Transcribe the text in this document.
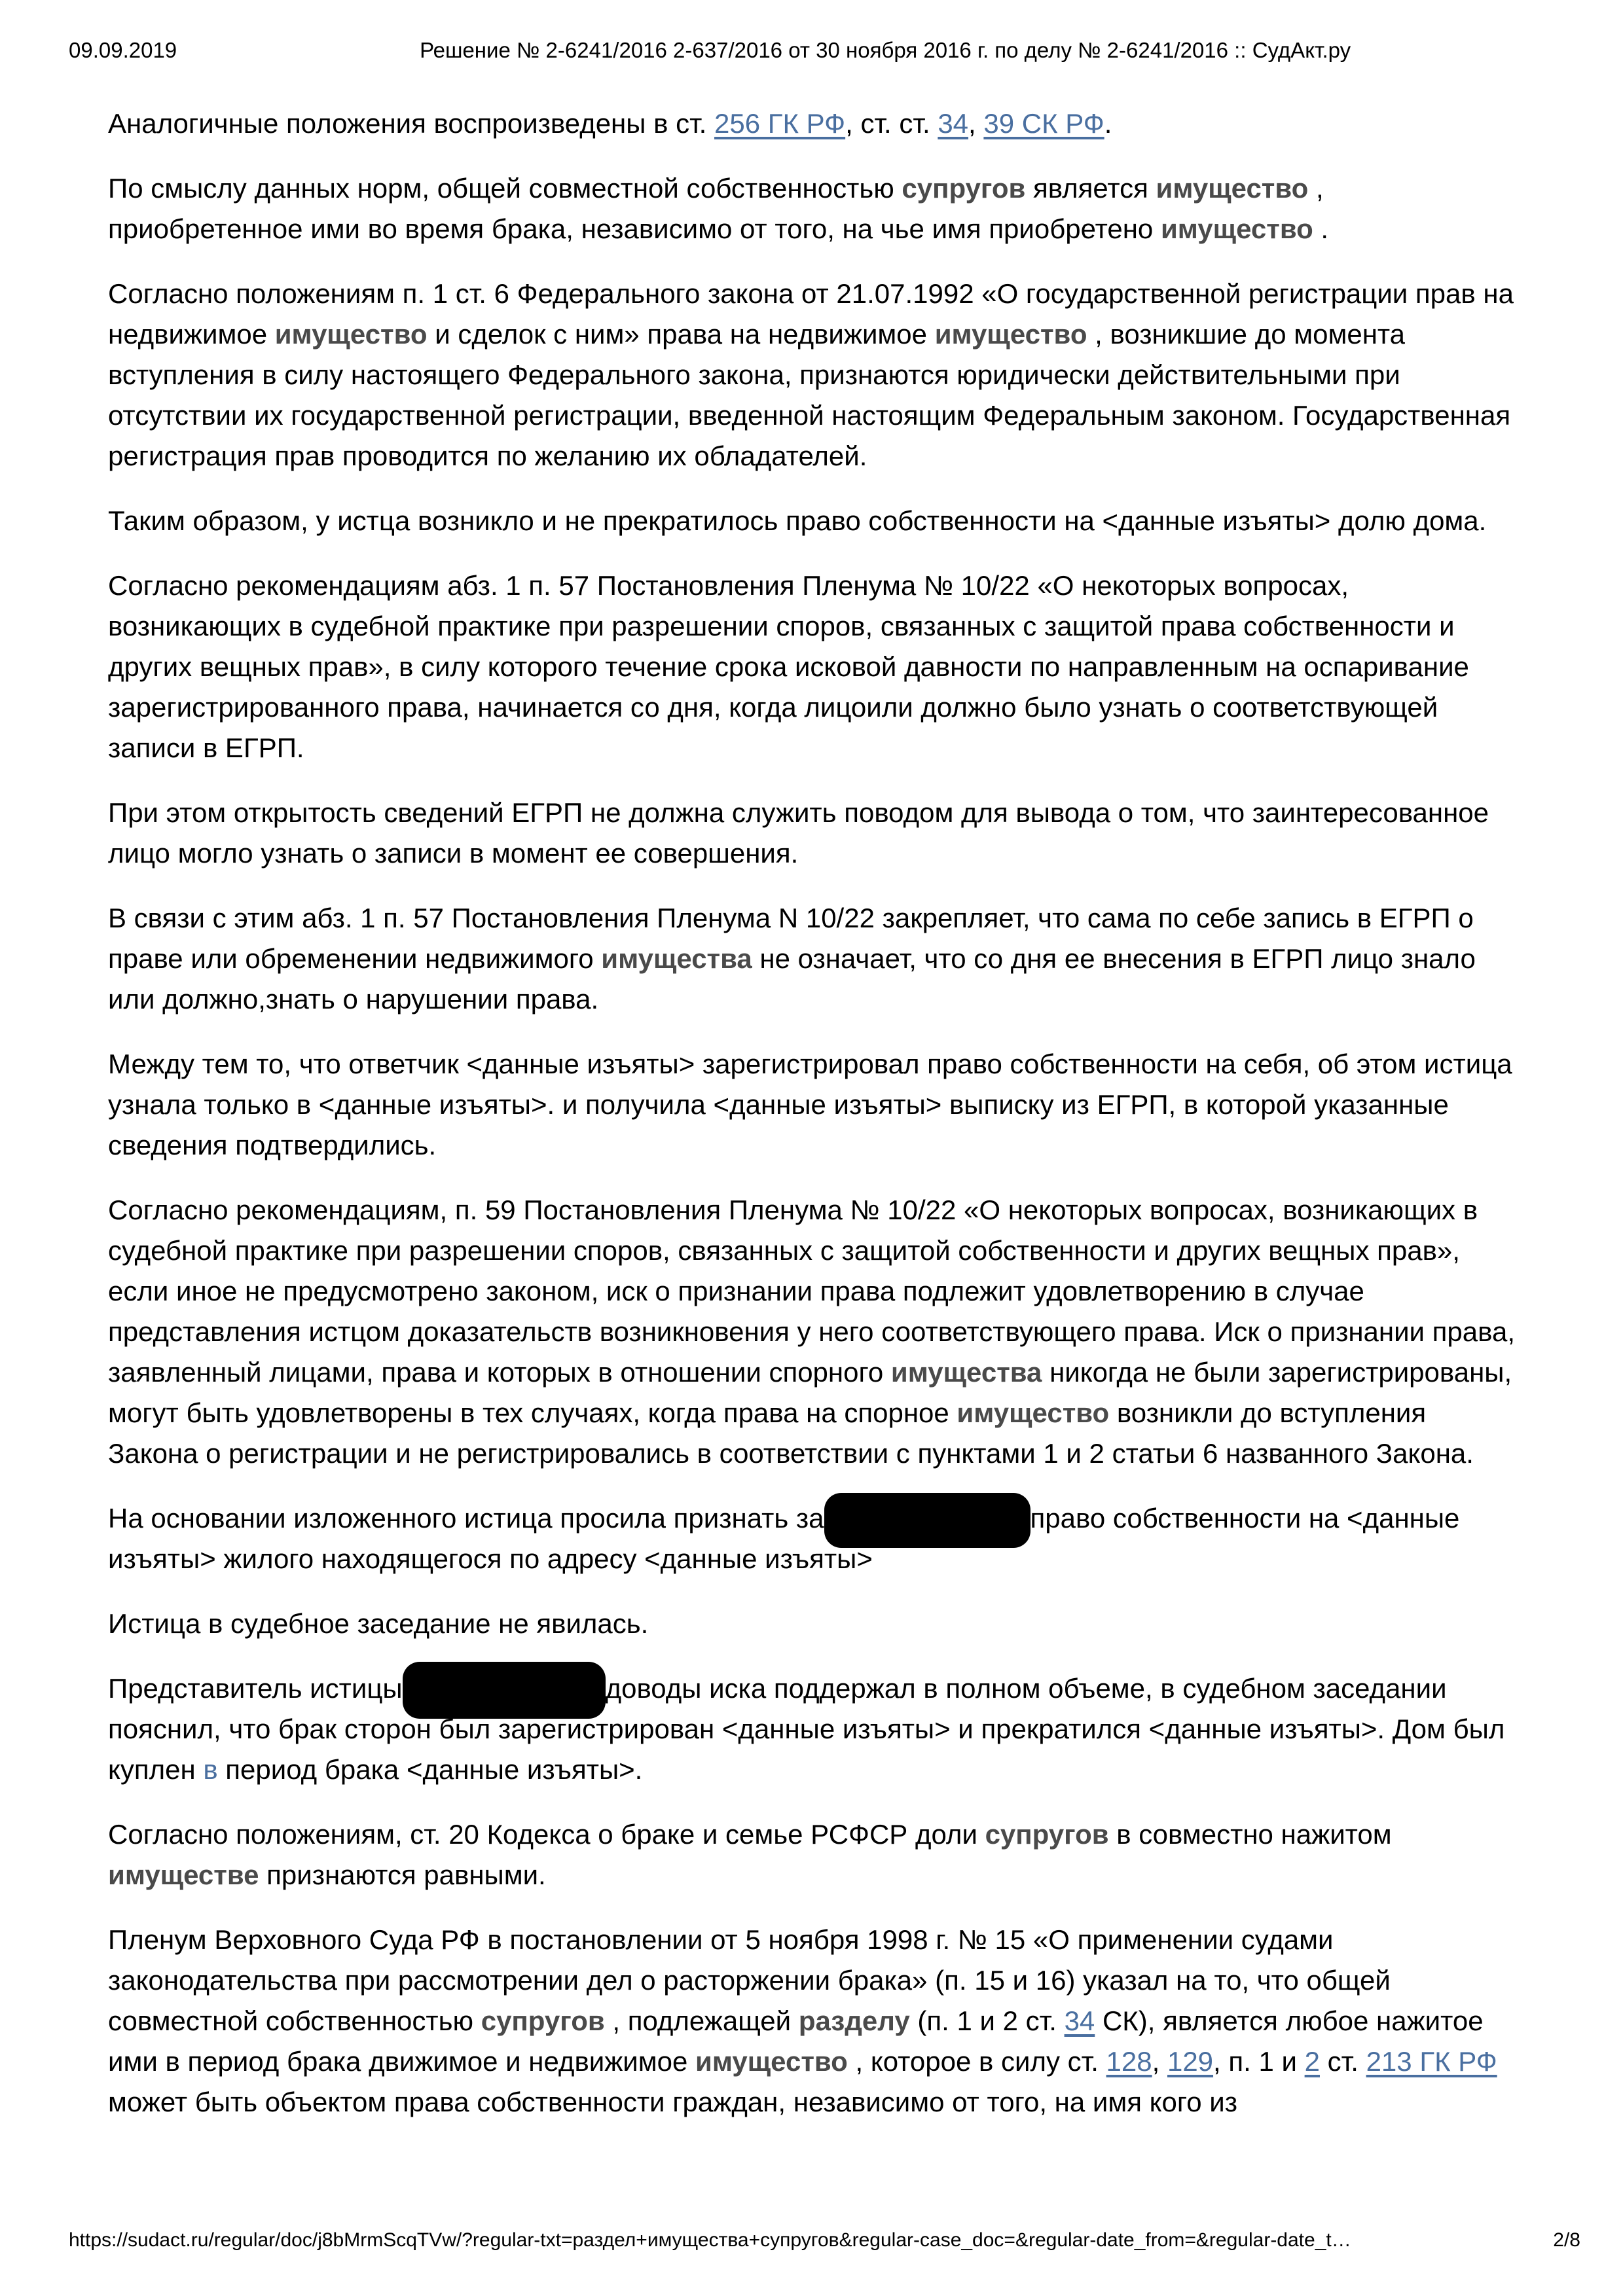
09.09.2019	Решение № 2-6241/2016 2-637/2016 от 30 ноября 2016 г. по делу № 2-6241/2016 :: СудАкт.ру

Аналогичные положения воспроизведены в ст. 256 ГК РФ, ст. ст. 34, 39 СК РФ.

По смыслу данных норм, общей совместной собственностью супругов является имущество , приобретенное ими во время брака, независимо от того, на чье имя приобретено имущество .

Согласно положениям п. 1 ст. 6 Федерального закона от 21.07.1992 «О государственной регистрации прав на недвижимое имущество и сделок с ним» права на недвижимое имущество , возникшие до момента вступления в силу настоящего Федерального закона, признаются юридически действительными при отсутствии их государственной регистрации, введенной настоящим Федеральным законом. Государственная регистрация прав проводится по желанию их обладателей.

Таким образом, у истца возникло и не прекратилось право собственности на <данные изъяты> долю дома.

Согласно рекомендациям абз. 1 п. 57 Постановления Пленума № 10/22 «О некоторых вопросах, возникающих в судебной практике при разрешении споров, связанных с защитой права собственности и других вещных прав», в силу которого течение срока исковой давности по направленным на оспаривание зарегистрированного права, начинается со дня, когда лицоили должно было узнать о соответствующей записи в ЕГРП.

При этом открытость сведений ЕГРП не должна служить поводом для вывода о том, что заинтересованное лицо могло узнать о записи в момент ее совершения.

В связи с этим абз. 1 п. 57 Постановления Пленума N 10/22 закрепляет, что сама по себе запись в ЕГРП о праве или обременении недвижимого имущества не означает, что со дня ее внесения в ЕГРП лицо знало или должно,знать о нарушении права.

Между тем то, что ответчик <данные изъяты> зарегистрировал право собственности на себя, об этом истица узнала только в <данные изъяты>. и получила <данные изъяты> выписку из ЕГРП, в которой указанные сведения подтвердились.

Согласно рекомендациям, п. 59 Постановления Пленума № 10/22 «О некоторых вопросах, возникающих в судебной практике при разрешении споров, связанных с защитой собственности и других вещных прав», если иное не предусмотрено законом, иск о признании права подлежит удовлетворению в случае представления истцом доказательств возникновения у него соответствующего права. Иск о признании права, заявленный лицами, права и которых в отношении спорного имущества никогда не были зарегистрированы, могут быть удовлетворены в тех случаях, когда права на спорное имущество возникли до вступления Закона о регистрации и не регистрировались в соответствии с пунктами 1 и 2 статьи 6 названного Закона.

На основании изложенного истица просила признать за	право собственности на <данные изъяты> жилого находящегося по адресу <данные изъяты>

Истица в судебное заседание не явилась.

Представитель истицы	доводы иска поддержал в полном объеме, в судебном заседании пояснил, что брак сторон был зарегистрирован <данные изъяты> и прекратился <данные изъяты>. Дом был куплен в период брака <данные изъяты>.

Согласно положениям, ст. 20 Кодекса о браке и семье РСФСР доли супругов в совместно нажитом имуществе признаются равными.

Пленум Верховного Суда РФ в постановлении от 5 ноября 1998 г. № 15 «О применении судами законодательства при рассмотрении дел о расторжении брака» (п. 15 и 16) указал на то, что общей совместной собственностью супругов , подлежащей разделу (п. 1 и 2 ст. 34 СК), является любое нажитое ими в период брака движимое и недвижимое имущество , которое в силу ст. 128, 129, п. 1 и 2 ст. 213 ГК РФ может быть объектом права собственности граждан, независимо от того, на имя кого из

https://sudact.ru/regular/doc/j8bMrmScqTVw/?regular-txt=раздел+имущества+супругов&regular-case_doc=&regular-date_from=&regular-date_t…	2/8
